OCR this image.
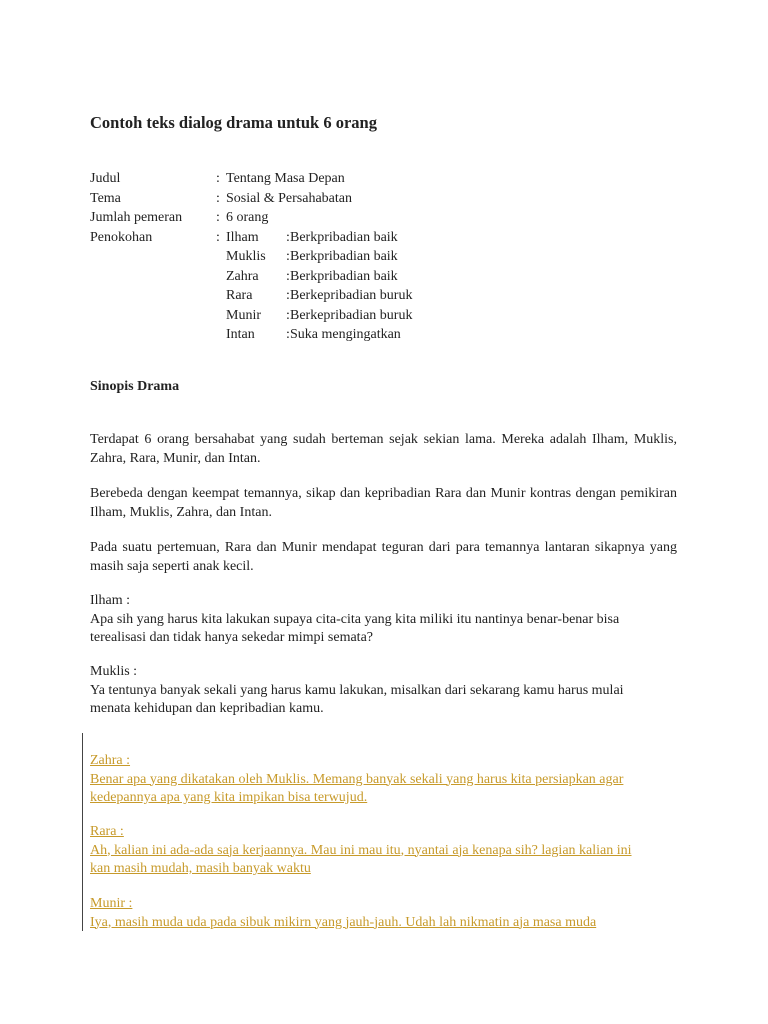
Contoh teks dialog drama untuk 6 orang
Judul	: Tentang Masa Depan
Tema	: Sosial & Persahabatan
Jumlah pemeran	: 6 orang
Penokohan	: Ilham	: Berkpribadian baik
Muklis	: Berkpribadian baik
Zahra	: Berkpribadian baik
Rara	: Berkepribadian buruk
Munir	: Berkepribadian buruk
Intan	: Suka mengingatkan
Sinopis Drama
Terdapat 6 orang bersahabat yang sudah berteman sejak sekian lama. Mereka adalah Ilham, Muklis, Zahra, Rara, Munir, dan Intan.
Berebeda dengan keempat temannya, sikap dan kepribadian Rara dan Munir kontras dengan pemikiran Ilham, Muklis, Zahra, dan Intan.
Pada suatu pertemuan, Rara dan Munir mendapat teguran dari para temannya lantaran sikapnya yang masih saja seperti anak kecil.
Ilham :
Apa sih yang harus kita lakukan supaya cita-cita yang kita miliki itu nantinya benar-benar bisa
terealisasi dan tidak hanya sekedar mimpi semata?
Muklis :
Ya tentunya banyak sekali yang harus kamu lakukan, misalkan dari sekarang kamu harus mulai
menata kehidupan dan kepribadian kamu.
Zahra :
Benar apa yang dikatakan oleh Muklis. Memang banyak sekali yang harus kita persiapkan agar
kedepannya apa yang kita impikan bisa terwujud.
Rara :
Ah, kalian ini ada-ada saja kerjaannya. Mau ini mau itu, nyantai aja kenapa sih? lagian kalian ini
kan masih mudah, masih banyak waktu
Munir :
Iya, masih muda uda pada sibuk mikirn yang jauh-jauh. Udah lah nikmatin aja masa muda
